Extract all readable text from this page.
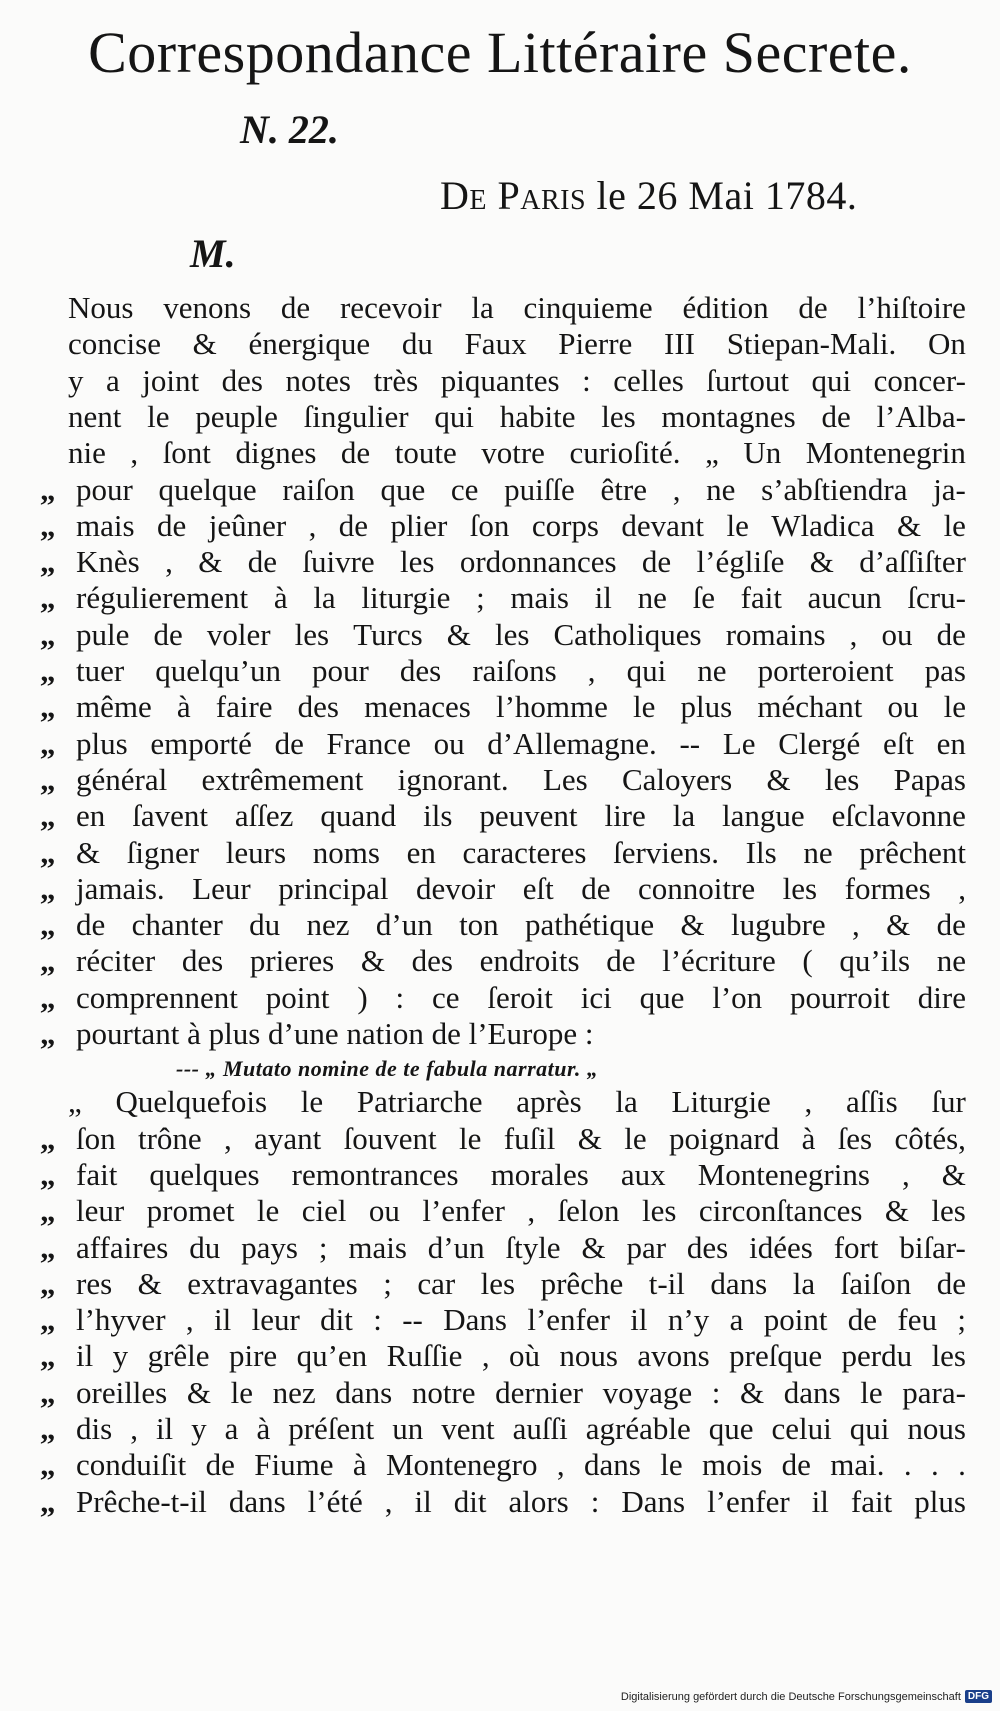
Correspondance Littéraire Secrete.
N. 22.
De Paris le 26 Mai 1784.
M.
Nous venons de recevoir la cinquieme édition de l’hiſtoire
concise & énergique du Faux Pierre III Stiepan-Mali. On
y a joint des notes très piquantes : celles ſurtout qui concer-
nent le peuple ſingulier qui habite les montagnes de l’Alba-
nie , ſont dignes de toute votre curioſité. „ Un Montenegrin
„ pour quelque raiſon que ce puiſſe être , ne s’abſtiendra ja-
„ mais de jeûner , de plier ſon corps devant le Wladica & le
„ Knès , & de ſuivre les ordonnances de l’égliſe & d’aſſiſter
„ régulierement à la liturgie ; mais il ne ſe fait aucun ſcru-
„ pule de voler les Turcs & les Catholiques romains , ou de
„ tuer quelqu’un pour des raiſons , qui ne porteroient pas
„ même à faire des menaces l’homme le plus méchant ou le
„ plus emporté de France ou d’Allemagne. -- Le Clergé eſt en
„ général extrêmement ignorant. Les Caloyers & les Papas
„ en ſavent aſſez quand ils peuvent lire la langue eſclavonne
„ & ſigner leurs noms en caracteres ſerviens. Ils ne prêchent
„ jamais. Leur principal devoir eſt de connoitre les formes ,
„ de chanter du nez d’un ton pathétique & lugubre , & de
„ réciter des prieres & des endroits de l’écriture ( qu’ils ne
„ comprennent point ) : ce ſeroit ici que l’on pourroit dire
„ pourtant à plus d’une nation de l’Europe :
--- „ Mutato nomine de te fabula narratur. „
„ Quelquefois le Patriarche après la Liturgie , aſſis ſur
„ ſon trône , ayant ſouvent le fuſil & le poignard à ſes côtés,
„ fait quelques remontrances morales aux Montenegrins , &
„ leur promet le ciel ou l’enfer , ſelon les circonſtances & les
„ affaires du pays ; mais d’un ſtyle & par des idées fort biſar-
„ res & extravagantes ; car les prêche t-il dans la ſaiſon de
„ l’hyver , il leur dit : -- Dans l’enfer il n’y a point de feu ;
„ il y grêle pire qu’en Ruſſie , où nous avons preſque perdu les
„ oreilles & le nez dans notre dernier voyage : & dans le para-
„ dis , il y a à préſent un vent auſſi agréable que celui qui nous
„ conduiſit de Fiume à Montenegro , dans le mois de mai. . . .
„ Prêche-t-il dans l’été , il dit alors : Dans l’enfer il fait plus
Digitalisierung gefördert durch die Deutsche Forschungsgemeinschaft DFG
